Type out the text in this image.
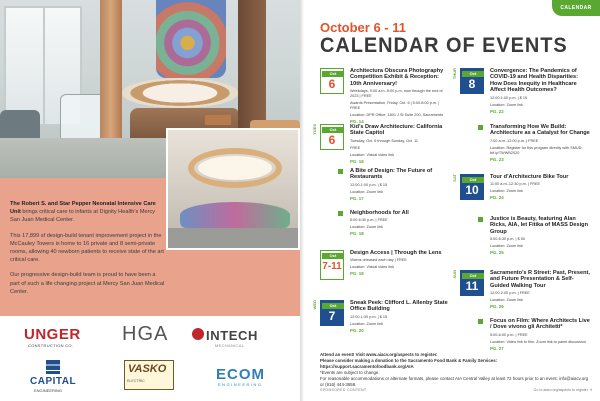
The Robert S. and Star Pepper Neonatal Intensive Care Unit brings critical care to infants at Dignity Health’s Mercy San Juan Medical Center.

This 17,899 sf design-build tenant improvement project in the McCauley Towers is home to 16 private and 8 semi-private rooms, allowing 40 newborn patients to receive state of the art critical care.

Our progressive design-build team is proud to have been a part of such a life changing project at Mercy San Juan Medical Center.

UNGER
CONSTRUCTION CO.
HGA	INTECH
MECHANICAL
CAPITAL
ENGINEERING
VASKO
ELECTRIC	ECOM
ENGINEERING
CALENDAR
October 6 - 11
CALENDAR OF EVENTS
Oct
6
Architectura Obscura Photography Competition Exhibit & Reception: 10th Anniversary!
Weekdays, 9:00 a.m.-5:00 p.m. now through the end of 2023 | FREE
Awards Presentation, Friday, Oct. 6 | 5:00-8:00 p.m. | FREE
Location: DPR Office, 1801 J St Suite 200, Sacramento
PG. 14
Oct
6
TUES	Kid’s Draw Architecture: California State Capitol
Tuesday, Oct. 6 through Sunday, Oct. 11
FREE
Location: Virtual video link
PG. 16
A Bite of Design: The Future of Restaurants
12:00-1:00 p.m. | $ 15
Location: Zoom link
PG. 17
Neighborhoods for All
5:00-6:30 p.m. | FREE
Location: Zoom link
PG. 18
Oct
7-11
Design Access | Through the Lens
Videos released each day | FREE
Location: Virtual video link
PG. 19
Oct
7
WED	Sneak Peek: Clifford L. Allenby State Office Building
12:00-1:30 p.m. | $ 15
Location: Zoom link
PG. 20
Oct
8
THUR	Convergence: The Pandemics of COVID-19 and Health Disparities: How Does Inequity in Healthcare Affect Health Outcomes?
12:00-1:00 p.m. | $ 15
Location: Zoom link
PG. 22
Transforming How We Build: Architecture as a Catalyst for Change
7:00 a.m.-12:00 p.m. | FREE
Location: Register for this program directly with SMUD: bit.ly/TWWB2020
PG. 23
Oct
10
SAT	Tour d’Architecture Bike Tour
11:00 a.m.-12:30 p.m. | FREE
Location: Zoom link
PG. 24
Justice is Beauty, featuring Alan Ricks, AIA, let Fitika of MASS Design Group
5:00-6:30 p.m. | $ 50
Location: Zoom link
PG. 25
Oct
11
SUN	Sacramento’s R Street: Past, Present, and Future Presentation & Self-Guided Walking Tour
12:00-2:00 p.m. | FREE
Location: Zoom link
PG. 26
Focus on Film: Where Architects Live / Dove vivono gli Architetti*
5:00-6:00 p.m. | FREE
Location: Video link to film, Zoom link to panel discussion
PG. 27
Attend an event! Visit www.aiacv.org/aspects to register.
Please consider making a donation to the Sacramento Food Bank & Family Services: https://support.sacramentofoodbank.org/AIA
*Events are subject to change.
For reasonable accommodations or alternate formats, please contact AIA Central Valley at least 72 hours prior to an event: info@aiacv.org or (916) 444-3658.
SPONSORED CONTENT	Go to aiacv.org/aspects to register 9
